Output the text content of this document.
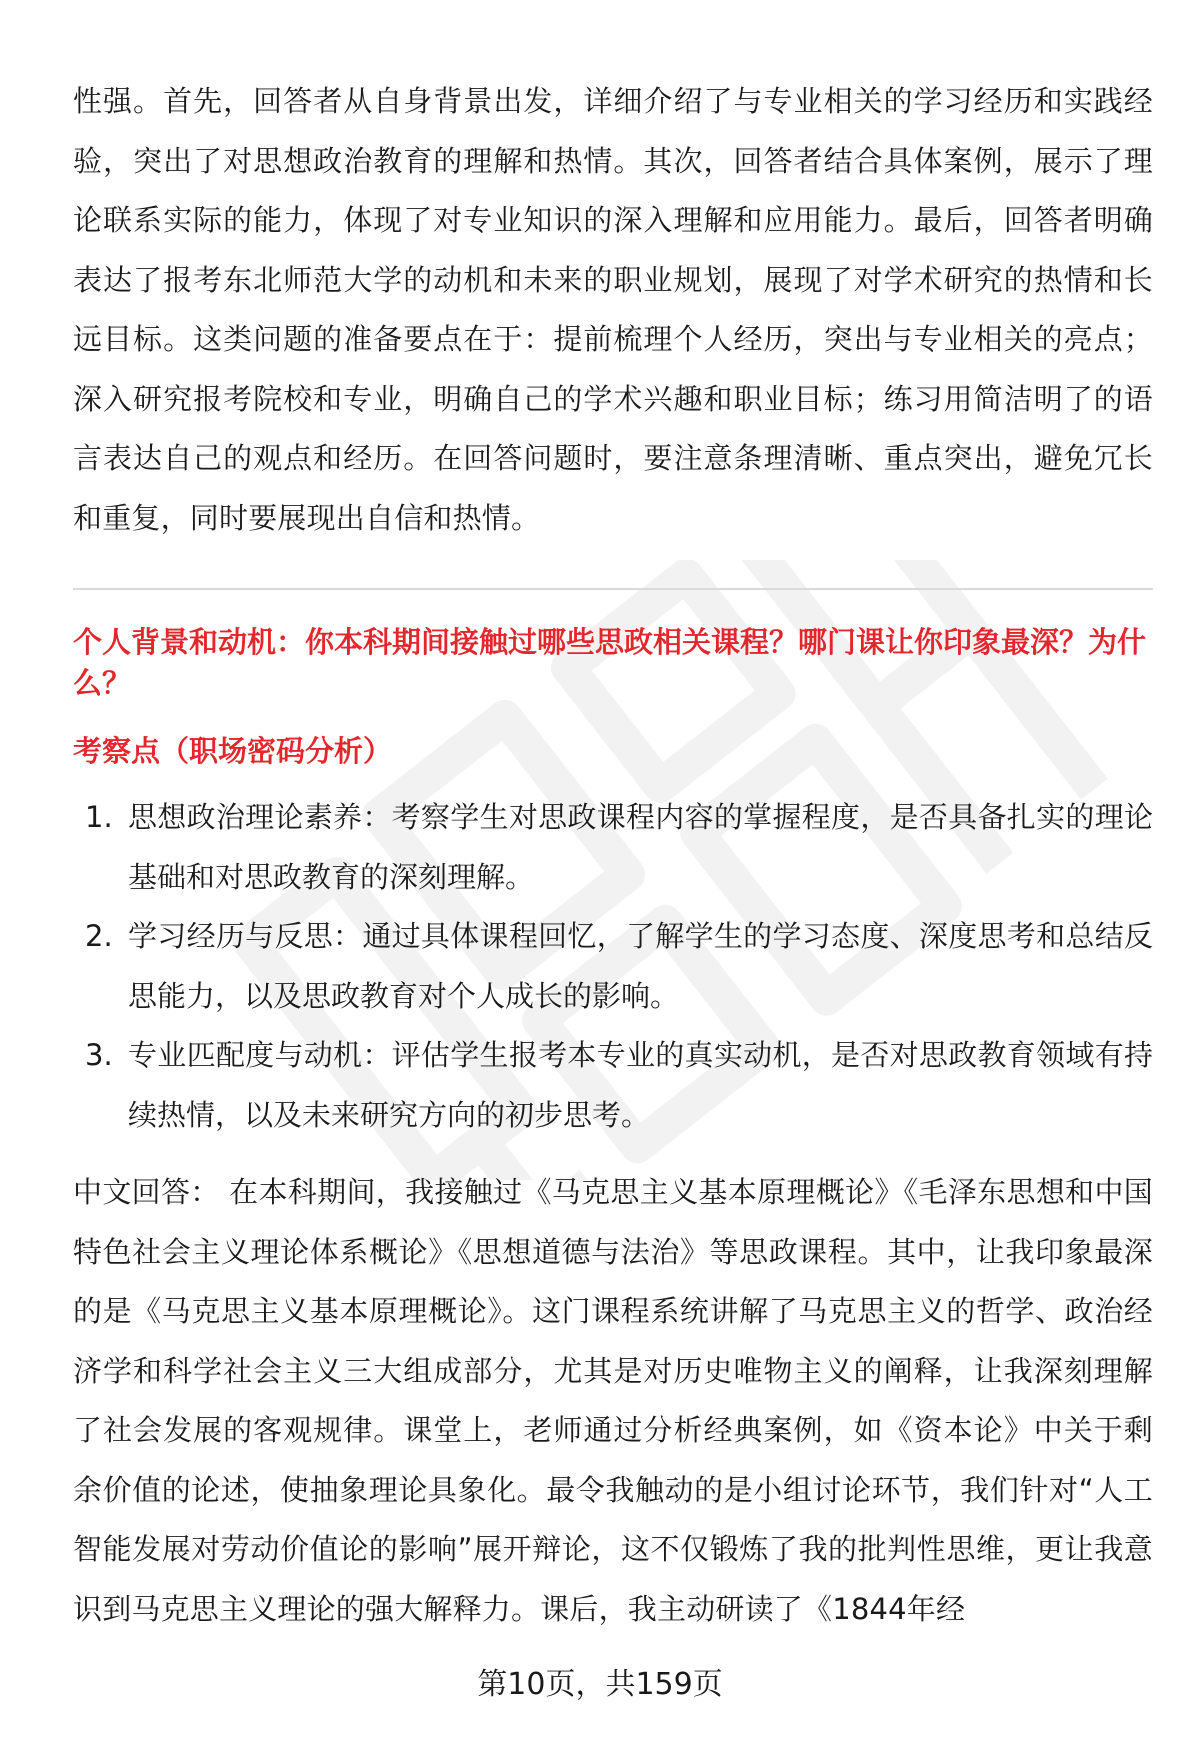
性强。首先，回答者从自身背景出发，详细介绍了与专业相关的学习经历和实践经验，突出了对思想政治教育的理解和热情。其次，回答者结合具体案例，展示了理论联系实际的能力，体现了对专业知识的深入理解和应用能力。最后，回答者明确表达了报考东北师范大学的动机和未来的职业规划，展现了对学术研究的热情和长远目标。这类问题的准备要点在于：提前梳理个人经历，突出与专业相关的亮点；深入研究报考院校和专业，明确自己的学术兴趣和职业目标；练习用简洁明了的语言表达自己的观点和经历。在回答问题时，要注意条理清晰、重点突出，避免冗长和重复，同时要展现出自信和热情。

个人背景和动机：你本科期间接触过哪些思政相关课程？哪门课让你印象最深？为什么？

考察点（职场密码分析）

1. 思想政治理论素养：考察学生对思政课程内容的掌握程度，是否具备扎实的理论基础和对思政教育的深刻理解。
2. 学习经历与反思：通过具体课程回忆，了解学生的学习态度、深度思考和总结反思能力，以及思政教育对个人成长的影响。
3. 专业匹配度与动机：评估学生报考本专业的真实动机，是否对思政教育领域有持续热情，以及未来研究方向的初步思考。

中文回答： 在本科期间，我接触过《马克思主义基本原理概论》《毛泽东思想和中国特色社会主义理论体系概论》《思想道德与法治》等思政课程。其中，让我印象最深的是《马克思主义基本原理概论》。这门课程系统讲解了马克思主义的哲学、政治经济学和科学社会主义三大组成部分，尤其是对历史唯物主义的阐释，让我深刻理解了社会发展的客观规律。课堂上，老师通过分析经典案例，如《资本论》中关于剩余价值的论述，使抽象理论具象化。最令我触动的是小组讨论环节，我们针对“人工智能发展对劳动价值论的影响”展开辩论，这不仅锻炼了我的批判性思维，更让我意识到马克思主义理论的强大解释力。课后，我主动研读了《1844年经

第10页，共159页
